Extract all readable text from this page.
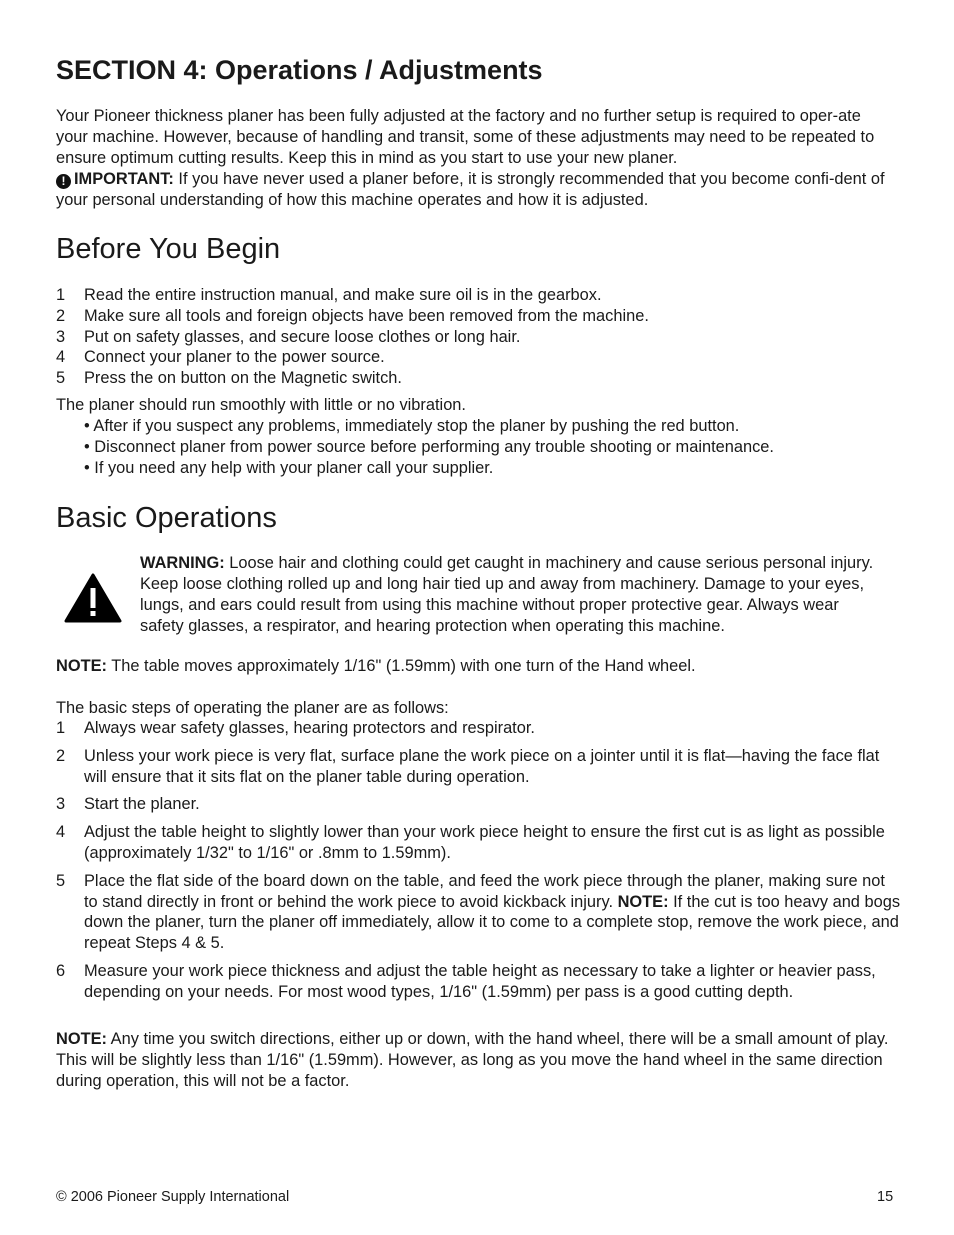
SECTION 4: Operations / Adjustments

Your Pioneer thickness planer has been fully adjusted at the factory and no further setup is required to oper-ate your machine. However, because of handling and transit, some of these adjustments may need to be repeated to ensure optimum cutting results. Keep this in mind as you start to use your new planer.
! IMPORTANT: If you have never used a planer before, it is strongly recommended that you become confi-dent of your personal understanding of how this machine operates and how it is adjusted.

Before You Begin
1 Read the entire instruction manual, and make sure oil is in the gearbox.
2 Make sure all tools and foreign objects have been removed from the machine.
3 Put on safety glasses, and secure loose clothes or long hair.
4 Connect your planer to the power source.
5 Press the on button on the Magnetic switch.

The planer should run smoothly with little or no vibration.

• After if you suspect any problems, immediately stop the planer by pushing the red button.
• Disconnect planer from power source before performing any trouble shooting or maintenance.
• If you need any help with your planer call your supplier.
Basic Operations

WARNING: Loose hair and clothing could get caught in machinery and cause serious personal injury. Keep loose clothing rolled up and long hair tied up and away from machinery. Damage to your eyes, lungs, and ears could result from using this machine without proper protective gear. Always wear safety glasses, a respirator, and hearing protection when operating this machine.

NOTE: The table moves approximately 1/16" (1.59mm) with one turn of the Hand wheel.

The basic steps of operating the planer are as follows:

1 Always wear safety glasses, hearing protectors and respirator.
2 Unless your work piece is very flat, surface plane the work piece on a jointer until it is flat—having the face flat will ensure that it sits flat on the planer table during operation.
3 Start the planer.
4 Adjust the table height to slightly lower than your work piece height to ensure the first cut is as light as possible (approximately 1/32" to 1/16" or .8mm to 1.59mm).
5 Place the flat side of the board down on the table, and feed the work piece through the planer, making sure not to stand directly in front or behind the work piece to avoid kickback injury. NOTE: If the cut is too heavy and bogs down the planer, turn the planer off immediately, allow it to come to a complete stop, remove the work piece, and repeat Steps 4 & 5.
6 Measure your work piece thickness and adjust the table height as necessary to take a lighter or heavier pass, depending on your needs. For most wood types, 1/16" (1.59mm) per pass is a good cutting depth.

NOTE: Any time you switch directions, either up or down, with the hand wheel, there will be a small amount of play. This will be slightly less than 1/16" (1.59mm). However, as long as you move the hand wheel in the same direction during operation, this will not be a factor.

© 2006 Pioneer Supply International	15
